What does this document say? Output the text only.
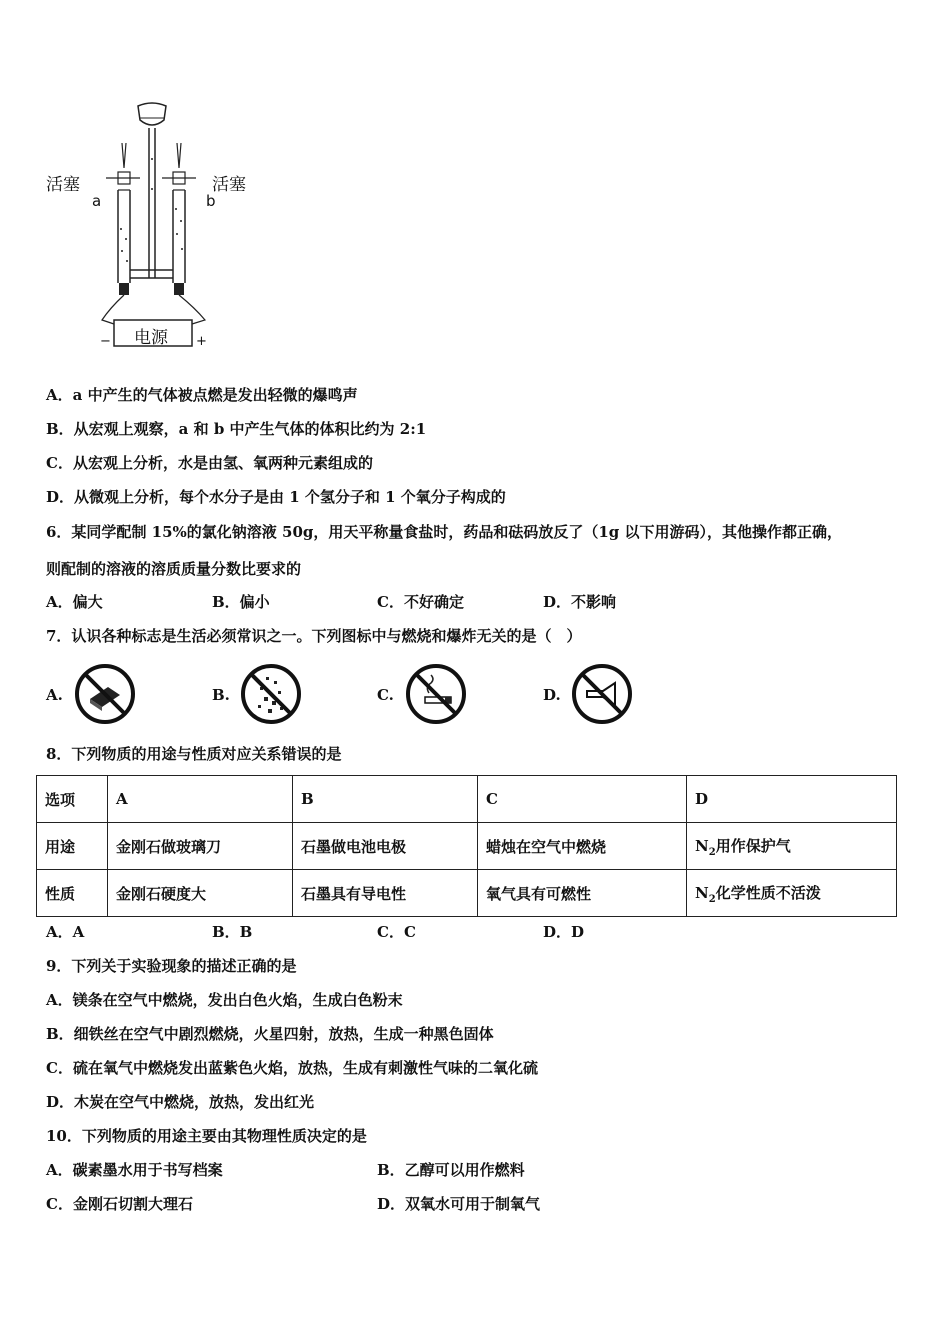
活塞	活塞
a	b
电源
−	+
A．a 中产生的气体被点燃是发出轻微的爆鸣声
B．从宏观上观察，a 和 b 中产生气体的体积比约为 2:1
C．从宏观上分析，水是由氢、氧两种元素组成的
D．从微观上分析，每个水分子是由 1 个氢分子和 1 个氧分子构成的
6．某同学配制 15%的氯化钠溶液 50g，用天平称量食盐时，药品和砝码放反了（1g 以下用游码），其他操作都正确，
则配制的溶液的溶质质量分数比要求的
A．偏大	B．偏小	C．不好确定	D．不影响
7．认识各种标志是生活必须常识之一。下列图标中与燃烧和爆炸无关的是（　）
A.	B.	C.	D.
8．下列物质的用途与性质对应关系错误的是
选项	A	B	C	D
用途	金刚石做玻璃刀	石墨做电池电极	蜡烛在空气中燃烧	$N_2$用作保护气
性质	金刚石硬度大	石墨具有导电性	氧气具有可燃性	$N_2$化学性质不活泼
A．A	B．B	C．C	D．D
9．下列关于实验现象的描述正确的是
A．镁条在空气中燃烧，发出白色火焰，生成白色粉末
B．细铁丝在空气中剧烈燃烧，火星四射，放热，生成一种黑色固体
C．硫在氧气中燃烧发出蓝紫色火焰，放热，生成有刺激性气味的二氧化硫
D．木炭在空气中燃烧，放热，发出红光
10．下列物质的用途主要由其物理性质决定的是
A．碳素墨水用于书写档案	B．乙醇可以用作燃料
C．金刚石切割大理石	D．双氧水可用于制氧气
